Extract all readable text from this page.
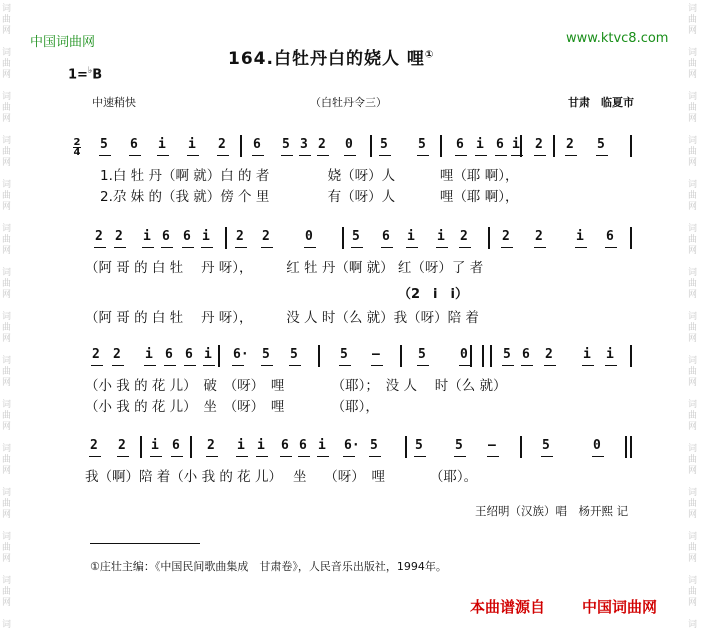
词
曲
网
词
曲
网
词
曲
网
词
曲
网
词
曲
网
词
曲
网
词
曲
网
词
曲
网
词
曲
网
词
曲
网
词
曲
网
词
曲
网
词
曲
网
词
曲
网
词
词
曲
网
词
曲
网
词
曲
网
词
曲
网
词
曲
网
词
曲
网
词
曲
网
词
曲
网
词
曲
网
词
曲
网
词
曲
网
词
曲
网
词
曲
网
词
曲
网
词
中国词曲网	www.ktvc8.com
164.白牡丹白的娆人 哩①
1=♭B
中速稍快	（白牡丹令三）	甘肃　临夏市
2
4
5 6 i i 2 6 5 3 2 0 5 5 6 i 6 i 2 2 5
1.白 牡 丹（啊 就）白 的 者　　　　 娆（呀）人　　　 哩（耶 啊），
2.尕 妹 的（我 就）傍 个 里　　　　 有（呀）人　　　 哩（耶 啊），
2 2 i 6 6 i 2 2	0	5 6 i i 2	2 2	i 6
（阿 哥 的 白 牡　 丹 呀），　　　红 牡 丹（啊 就） 红（呀）了 者
（阿 哥 的 白 牡　 丹 呀），　　　没 人 时（么 就）我（呀）陪 着
2 2 i 6 6 i 6· 5 5	5 —	5	0	5 6 2 i i
（小 我 的 花 儿）　破　（呀）　哩　　　　（耶）；　没 人　 时（么 就）
（小 我 的 花 儿）　坐　（呀）　哩　　　　（耶），
2 2 i 6 2 i i 6 6 i 6· 5	5 5 —	5	0
我（啊）陪 着（小 我 的 花 儿）　 坐　 （呀）　哩　　　 （耶）。
（2　i　i）
王绍明（汉族）唱　杨开熙 记
①庄壮主编：《中国民间歌曲集成　甘肃卷》，人民音乐出版社，1994年。
本曲谱源自 中国词曲网
